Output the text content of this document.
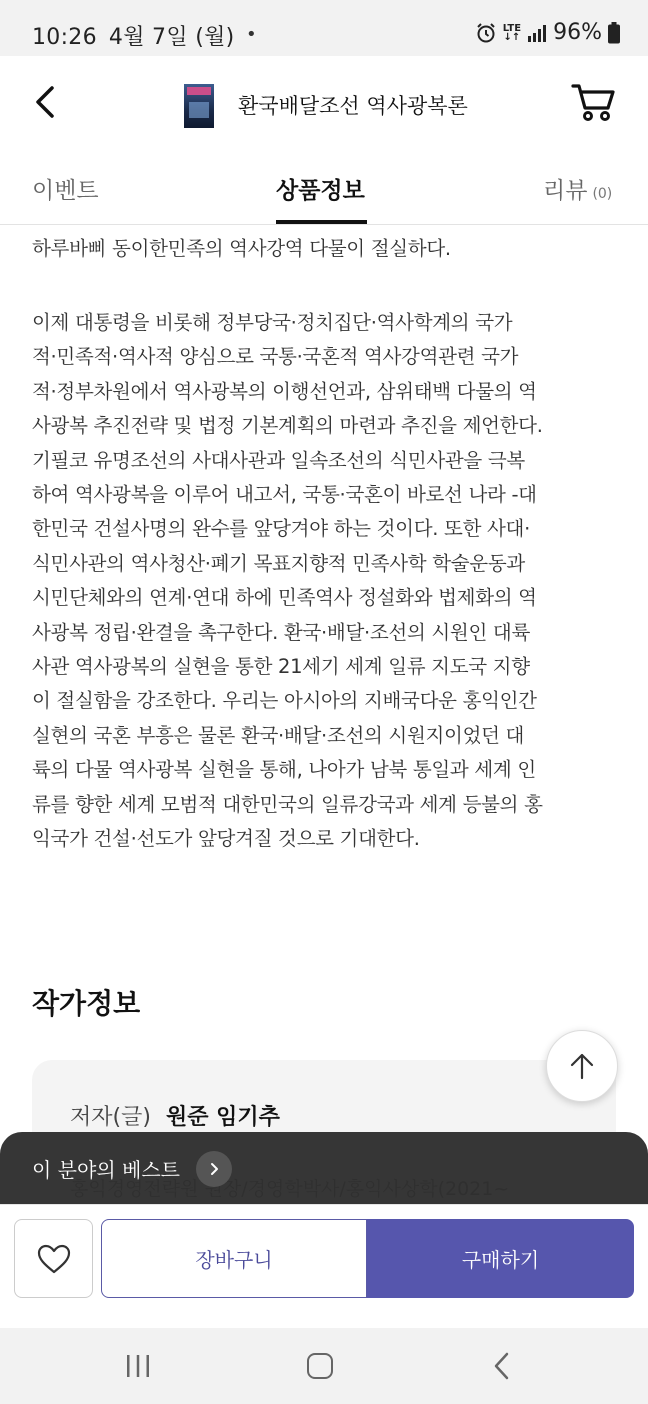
10:26 4월 7일 (월) •	LTE
↓↑ 96%
환국배달조선 역사광복론
이벤트	상품정보	리뷰 (0)
하루바삐 동이한민족의 역사강역 다물이 절실하다.
이제 대통령을 비롯해 정부당국·정치집단·역사학계의 국가
적·민족적·역사적 양심으로 국통·국혼적 역사강역관련 국가
적·정부차원에서 역사광복의 이행선언과, 삼위태백 다물의 역
사광복 추진전략 및 법정 기본계획의 마련과 추진을 제언한다.
기필코 유명조선의 사대사관과 일속조선의 식민사관을 극복
하여 역사광복을 이루어 내고서, 국통·국혼이 바로선 나라 -대
한민국 건설사명의 완수를 앞당겨야 하는 것이다. 또한 사대·
식민사관의 역사청산·폐기 목표지향적 민족사학 학술운동과
시민단체와의 연계·연대 하에 민족역사 정설화와 법제화의 역
사광복 정립·완결을 촉구한다. 환국·배달·조선의 시원인 대륙
사관 역사광복의 실현을 통한 21세기 세계 일류 지도국 지향
이 절실함을 강조한다. 우리는 아시아의 지배국다운 홍익인간
실현의 국혼 부흥은 물론 환국·배달·조선의 시원지이었던 대
륙의 다물 역사광복 실현을 통해, 나아가 남북 통일과 세계 인
류를 향한 세계 모범적 대한민국의 일류강국과 세계 등불의 홍
익국가 건설·선도가 앞당겨질 것으로 기대한다.
작가정보
저자(글) 원준 임기추
이 분야의 베스트
장바구니	구매하기
